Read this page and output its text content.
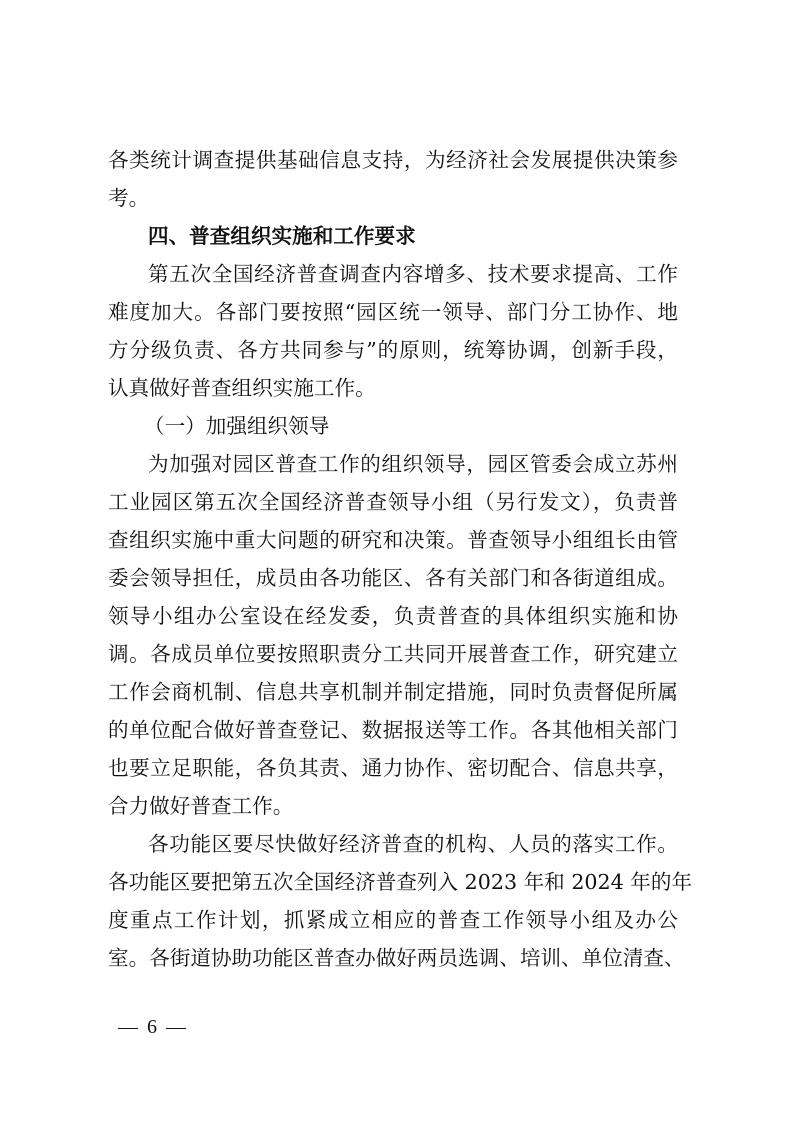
各类统计调查提供基础信息支持，为经济社会发展提供决策参
考。
四、普查组织实施和工作要求
第五次全国经济普查调查内容增多、技术要求提高、工作
难度加大。各部门要按照“园区统一领导、部门分工协作、地
方分级负责、各方共同参与”的原则，统筹协调，创新手段，
认真做好普查组织实施工作。
（一）加强组织领导
为加强对园区普查工作的组织领导，园区管委会成立苏州
工业园区第五次全国经济普查领导小组（另行发文），负责普
查组织实施中重大问题的研究和决策。普查领导小组组长由管
委会领导担任，成员由各功能区、各有关部门和各街道组成。
领导小组办公室设在经发委，负责普查的具体组织实施和协
调。各成员单位要按照职责分工共同开展普查工作，研究建立
工作会商机制、信息共享机制并制定措施，同时负责督促所属
的单位配合做好普查登记、数据报送等工作。各其他相关部门
也要立足职能，各负其责、通力协作、密切配合、信息共享，
合力做好普查工作。
各功能区要尽快做好经济普查的机构、人员的落实工作。
各功能区要把第五次全国经济普查列入 2023 年和 2024 年的年
度重点工作计划，抓紧成立相应的普查工作领导小组及办公
室。各街道协助功能区普查办做好两员选调、培训、单位清查、
— 6 —
